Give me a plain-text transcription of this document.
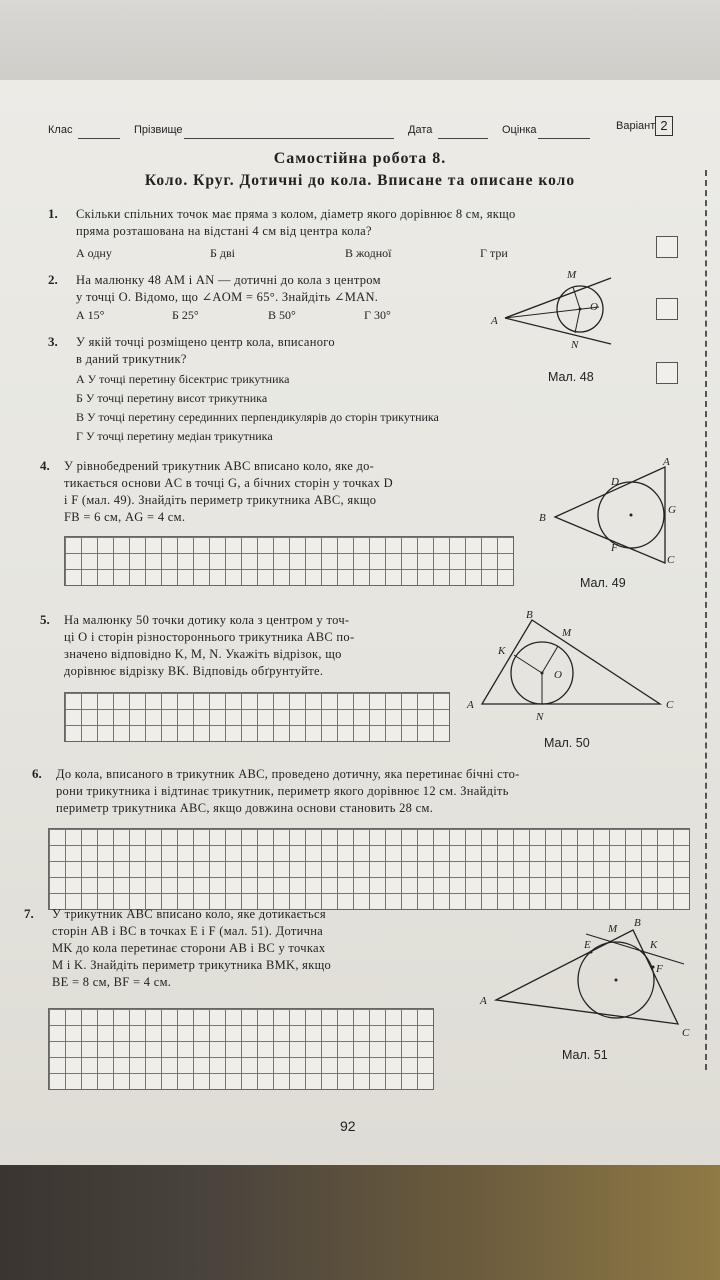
Клас	Прізвище	Дата	Оцінка	Варіант 2
Самостійна робота 8.
Коло. Круг. Дотичні до кола. Вписане та описане коло
1. Скільки спільних точок має пряма з колом, діаметр якого дорівнює 8 см, якщо
пряма розташована на відстані 4 см від центра кола?
А одну	Б дві	В жодної	Г три
2. На малюнку 48 AM і AN — дотичні до кола з центром
у точці O. Відомо, що ∠AOM = 65°. Знайдіть ∠MAN.
А 15°	Б 25°	В 50°	Г 30°
M
O
A
N
3. У якій точці розміщено центр кола, вписаного
в даний трикутник?
Мал. 48
А У точці перетину бісектрис трикутника
Б У точці перетину висот трикутника
В У точці перетину серединних перпендикулярів до сторін трикутника
Г У точці перетину медіан трикутника
4. У рівнобедрений трикутник ABC вписано коло, яке до-
тикається основи AC в точці G, а бічних сторін у точках D
і F (мал. 49). Знайдіть периметр трикутника ABC, якщо
FB = 6 см, AG = 4 см.
A
D
B
G
F
C
Мал. 49
5. На малюнку 50 точки дотику кола з центром у точ-
ці O і сторін різностороннього трикутника ABC по-
значено відповідно K, M, N. Укажіть відрізок, що
дорівнює відрізку BK. Відповідь обґрунтуйте.
B
M
K
O
A
N
C
Мал. 50
6. До кола, вписаного в трикутник ABC, проведено дотичну, яка перетинає бічні сто-
рони трикутника і відтинає трикутник, периметр якого дорівнює 12 см. Знайдіть
периметр трикутника ABC, якщо довжина основи становить 28 см.
7. У трикутник ABC вписано коло, яке дотикається
сторін AB і BC в точках E і F (мал. 51). Дотична
MK до кола перетинає сторони AB і BC у точках
M і K. Знайдіть периметр трикутника BMK, якщо
BE = 8 см, BF = 4 см.
B
M
E	K
F
A
C
Мал. 51
92
